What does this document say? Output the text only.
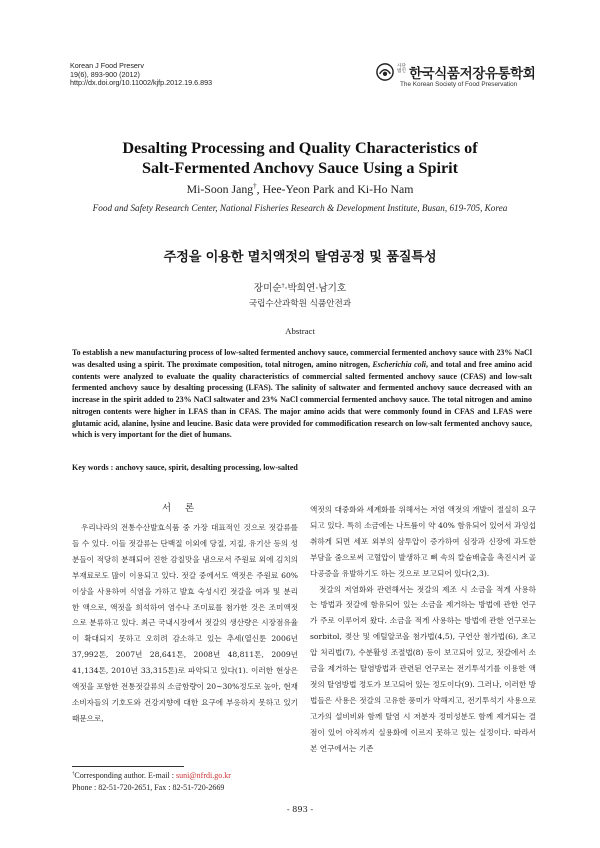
Korean J Food Preserv
19(6), 893-900 (2012)
http://dx.doi.org/10.11002/kjfp.2012.19.6.893
사단법인 한국식품저장유통학회
The Korean Society of Food Preservation
Desalting Processing and Quality Characteristics of
Salt-Fermented Anchovy Sauce Using a Spirit
Mi-Soon Jang†, Hee-Yeon Park and Ki-Ho Nam
Food and Safety Research Center, National Fisheries Research & Development Institute, Busan, 619-705, Korea
주정을 이용한 멸치액젓의 탈염공정 및 품질특성
장미순†·박희연·남기호
국립수산과학원 식품안전과
Abstract
To establish a new manufacturing process of low-salted fermented anchovy sauce, commercial fermented anchovy sauce with 23% NaCl was desalted using a spirit. The proximate composition, total nitrogen, amino nitrogen, Escherichia coli, and total and free amino acid contents were analyzed to evaluate the quality characteristics of commercial salted fermented anchovy sauce (CFAS) and low-salt fermented anchovy sauce by desalting processing (LFAS). The salinity of saltwater and fermented anchovy sauce decreased with an increase in the spirit added to 23% NaCl saltwater and 23% NaCl commercial fermented anchovy sauce. The total nitrogen and amino nitrogen contents were higher in LFAS than in CFAS. The major amino acids that were commonly found in CFAS and LFAS were glutamic acid, alanine, lysine and leucine. Basic data were provided for commodification research on low-salt fermented anchovy sauce, which is very important for the diet of humans.
Key words : anchovy sauce, spirit, desalting processing, low-salted
서론

우리나라의 전통수산발효식품 중 가장 대표적인 것으로 젓갈류를 들 수 있다. 이들 젓갈류는 단백질 이외에 당질, 지질, 유기산 등의 성분들이 적당히 분해되어 진한 감칠맛을 냄으로서 주원료 외에 김치의 부재료로도 많이 이용되고 있다. 젓갈 중에서도 액젓은 주원료 60% 이상을 사용하여 식염을 가하고 발효 숙성시킨 젓갈을 여과 및 분리한 액으로, 액젓을 희석하여 염수나 조미료를 첨가한 것은 조미액젓으로 분류하고 있다. 최근 국내시장에서 젓갈의 생산량은 시장점유율이 확대되지 못하고 오히려 감소하고 있는 추세(열신툰 2006년 37,992톤, 2007년 28,641톤, 2008년 48,811톤, 2009년 41,134톤, 2010년 33,315톤)로 파악되고 있다(1). 이러한 현상은 액젓을 포함한 전통젓갈류의 소금함량이 20∼30%정도로 높아, 현재 소비자들의 기호도와 건강지향에 대한 요구에 부응하지 못하고 있기 때문으로,

액젓의 대중화와 세계화를 위해서는 저염 액젓의 개발이 절실히 요구되고 있다. 특히 소금에는 나트륨이 약 40% 함유되어 있어서 과잉섭취하게 되면 세포 외부의 삼투압이 증가하여 심장과 신장에 과도한 부담을 줌으로써 고혈압이 발생하고 뼈 속의 칼슘배출을 촉진시켜 골다공증을 유발하기도 하는 것으로 보고되어 있다(2,3).

젓갈의 저염화와 관련해서는 젓갈의 제조 시 소금을 적게 사용하는 방법과 젓갈에 함유되어 있는 소금을 제거하는 방법에 관한 연구가 주로 이루어져 왔다. 소금을 적게 사용하는 방법에 관한 연구로는 sorbitol, 젖산 및 에틸알코올 첨가법(4,5), 구연산 첨가법(6), 초고압 처리법(7), 수분활성 조절법(8) 등이 보고되어 있고, 젓갈에서 소금을 제거하는 탈염방법과 관련된 연구로는 전기투석기를 이용한 액젓의 탈염방법 정도가 보고되어 있는 정도이다(9). 그러나, 이러한 방법들은 사용은 젓갈의 고유한 풍미가 약해지고, 전기투석기 사용으로 고가의 설비비와 함께 탈염 시 저분자 정미성분도 함께 제거되는 결점이 있어 아직까지 실용화에 이르지 못하고 있는 실정이다. 따라서 본 연구에서는 기존

†Corresponding author. E-mail : suni@nfrdi.go.kr
Phone : 82-51-720-2651, Fax : 82-51-720-2669
- 893 -
